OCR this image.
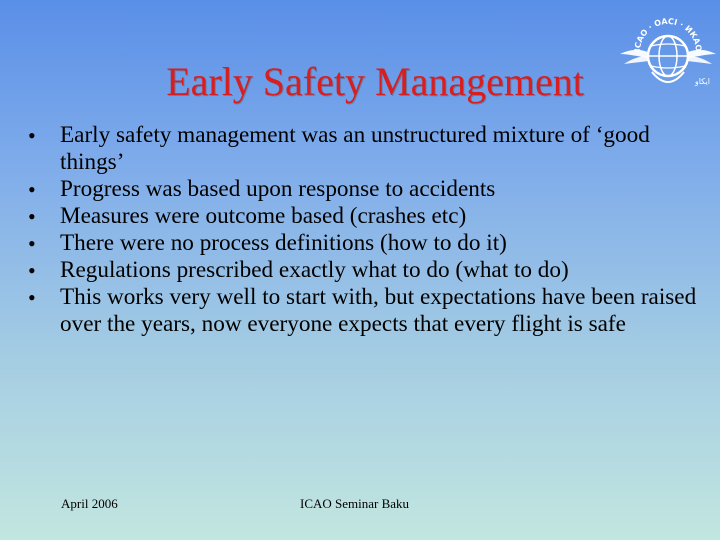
ICAO · OACI · ИКАО
ايكاو
Early Safety Management
• Early safety management was an unstructured mixture of ‘good things’
• Progress was based upon response to accidents
• Measures were outcome based (crashes etc)
• There were no process definitions (how to do it)
• Regulations prescribed exactly what to do (what to do)
• This works very well to start with, but expectations have been raised over the years, now everyone expects that every flight is safe
April 2006	ICAO Seminar Baku
